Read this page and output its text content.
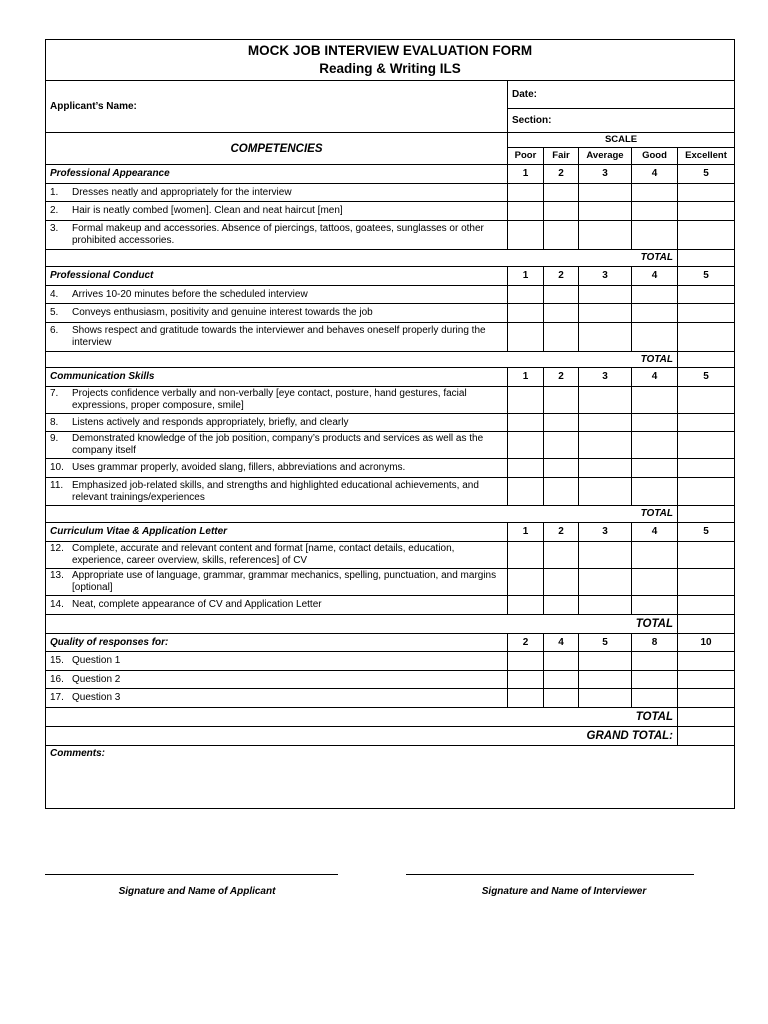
MOCK JOB INTERVIEW EVALUATION FORM
Reading & Writing ILS					

Applicant’s Name:	Date:				
	Section:				
COMPETENCIES	SCALE				
	Poor	Fair	Average	Good	Excellent
Professional Appearance	1	2	3	4	5

1. Dresses neatly and appropriately for the interview					

2. Hair is neatly combed [women]. Clean and neat haircut [men]					

3. Formal makeup and accessories. Absence of piercings, tattoos, goatees, sunglasses or other prohibited accessories.					

TOTAL					
Professional Conduct	1	2	3	4	5

4. Arrives 10-20 minutes before the scheduled interview					

5. Conveys enthusiasm, positivity and genuine interest towards the job					

6. Shows respect and gratitude towards the interviewer and behaves oneself properly during the interview					

TOTAL					
Communication Skills	1	2	3	4	5

7. Projects confidence verbally and non-verbally [eye contact, posture, hand gestures, facial expressions, proper composure, smile]					

8. Listens actively and responds appropriately, briefly, and clearly					

9. Demonstrated knowledge of the job position, company’s products and services as well as the company itself					

10. Uses grammar properly, avoided slang, fillers, abbreviations and acronyms.					

11. Emphasized job-related skills, and strengths and highlighted educational achievements, and relevant trainings/experiences					

TOTAL					
Curriculum Vitae & Application Letter	1	2	3	4	5

12. Complete, accurate and relevant content and format [name, contact details, education, experience, career overview, skills, references] of CV					

13. Appropriate use of language, grammar, grammar mechanics, spelling, punctuation, and margins [optional]					

14. Neat, complete appearance of CV and Application Letter					

TOTAL					
Quality of responses for:	2	4	5	8	10

15. Question 1					

16. Question 2					

17. Question 3					

TOTAL					
GRAND TOTAL:					
Comments:					
Signature and Name of Applicant	Signature and Name of Interviewer
